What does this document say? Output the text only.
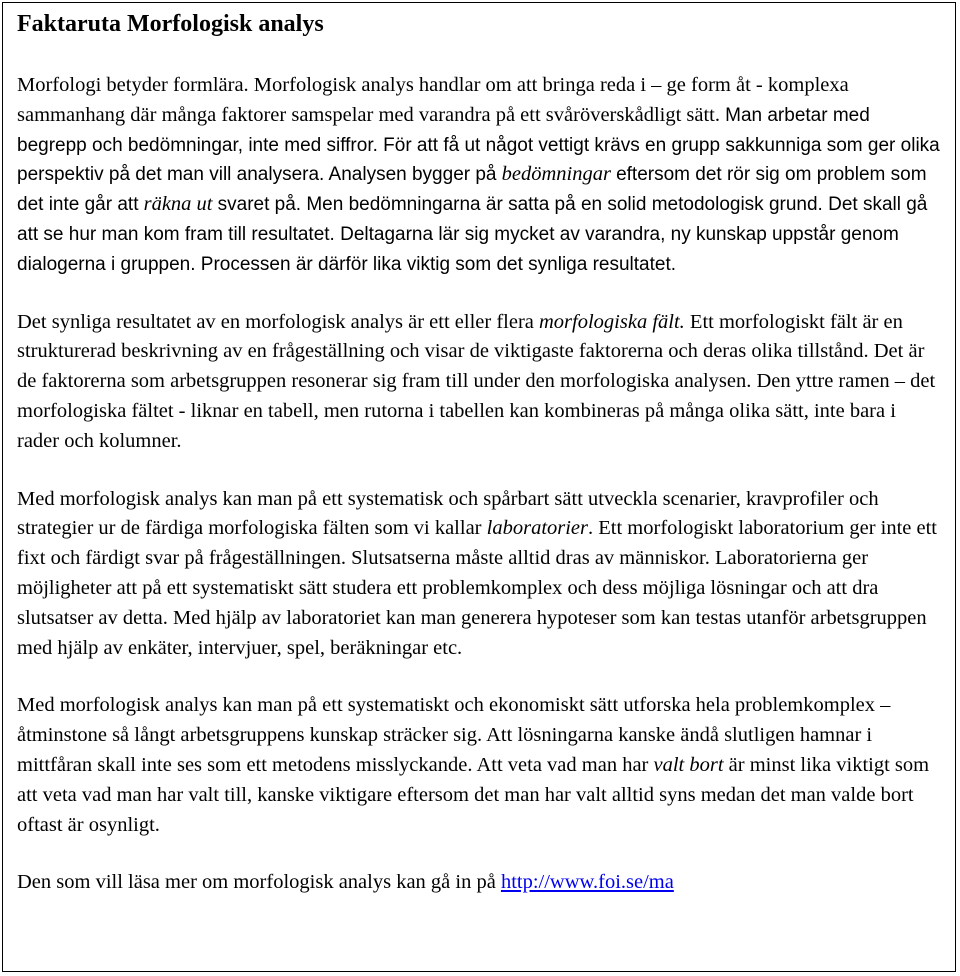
Faktaruta Morfologisk analys

Morfologi betyder formlära. Morfologisk analys handlar om att bringa reda i – ge form åt - komplexa sammanhang där många faktorer samspelar med varandra på ett svåröverskådligt sätt. Man arbetar med begrepp och bedömningar, inte med siffror. För att få ut något vettigt krävs en grupp sakkunniga som ger olika perspektiv på det man vill analysera. Analysen bygger på bedömningar eftersom det rör sig om problem som det inte går att räkna ut svaret på. Men bedömningarna är satta på en solid metodologisk grund. Det skall gå att se hur man kom fram till resultatet. Deltagarna lär sig mycket av varandra, ny kunskap uppstår genom dialogerna i gruppen. Processen är därför lika viktig som det synliga resultatet.

Det synliga resultatet av en morfologisk analys är ett eller flera morfologiska fält. Ett morfologiskt fält är en strukturerad beskrivning av en frågeställning och visar de viktigaste faktorerna och deras olika tillstånd. Det är de faktorerna som arbetsgruppen resonerar sig fram till under den morfologiska analysen. Den yttre ramen – det morfologiska fältet - liknar en tabell, men rutorna i tabellen kan kombineras på många olika sätt, inte bara i rader och kolumner.

Med morfologisk analys kan man på ett systematisk och spårbart sätt utveckla scenarier, kravprofiler och strategier ur de färdiga morfologiska fälten som vi kallar laboratorier. Ett morfologiskt laboratorium ger inte ett fixt och färdigt svar på frågeställningen. Slutsatserna måste alltid dras av människor. Laboratorierna ger möjligheter att på ett systematiskt sätt studera ett problemkomplex och dess möjliga lösningar och att dra slutsatser av detta. Med hjälp av laboratoriet kan man generera hypoteser som kan testas utanför arbetsgruppen med hjälp av enkäter, intervjuer, spel, beräkningar etc.

Med morfologisk analys kan man på ett systematiskt och ekonomiskt sätt utforska hela problemkomplex – åtminstone så långt arbetsgruppens kunskap sträcker sig. Att lösningarna kanske ändå slutligen hamnar i mittfåran skall inte ses som ett metodens misslyckande. Att veta vad man har valt bort är minst lika viktigt som att veta vad man har valt till, kanske viktigare eftersom det man har valt alltid syns medan det man valde bort oftast är osynligt.

Den som vill läsa mer om morfologisk analys kan gå in på http://www.foi.se/ma
